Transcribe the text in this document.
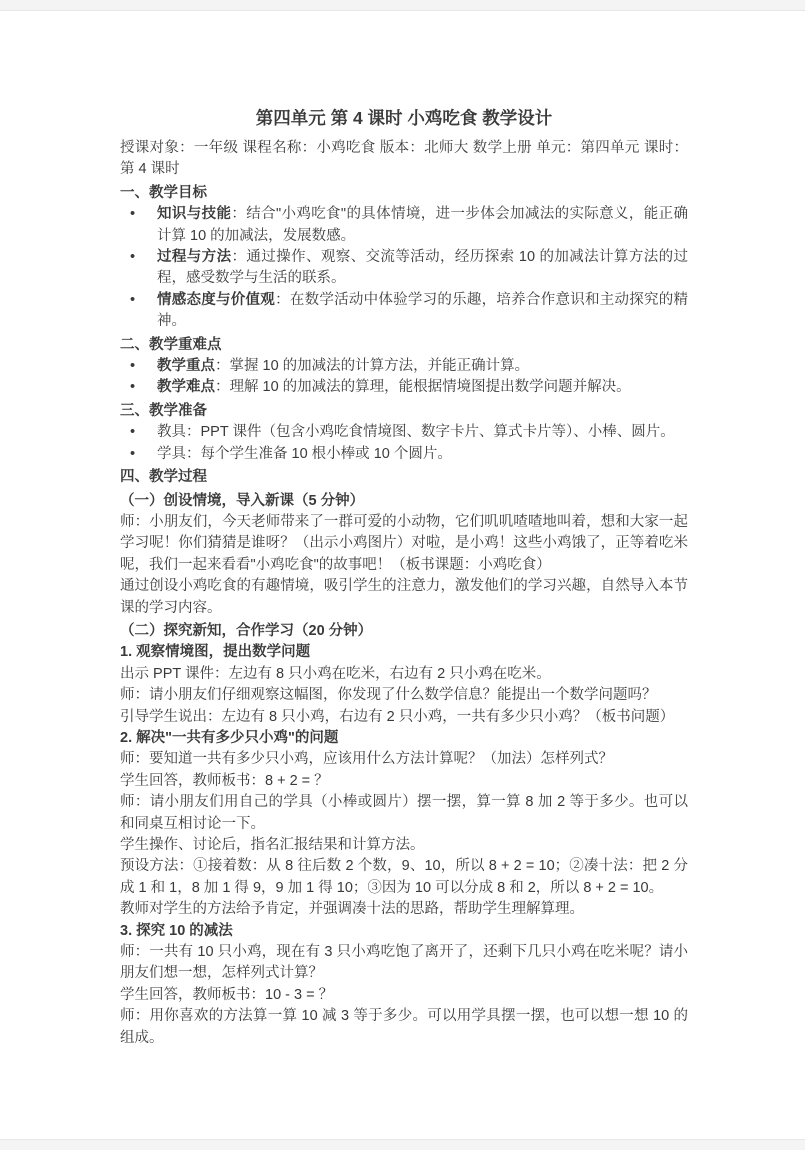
第四单元 第 4 课时 小鸡吃食 教学设计

授课对象：一年级 课程名称：小鸡吃食 版本：北师大 数学上册 单元：第四单元 课时：第 4 课时

一、教学目标
•	知识与技能：结合"小鸡吃食"的具体情境，进一步体会加减法的实际意义，能正确计算 10 的加减法，发展数感。
•	过程与方法：通过操作、观察、交流等活动，经历探索 10 的加减法计算方法的过程，感受数学与生活的联系。
•	情感态度与价值观：在数学活动中体验学习的乐趣，培养合作意识和主动探究的精神。
二、教学重难点
•	教学重点：掌握 10 的加减法的计算方法，并能正确计算。
•	教学难点：理解 10 的加减法的算理，能根据情境图提出数学问题并解决。
三、教学准备
•	教具：PPT 课件（包含小鸡吃食情境图、数字卡片、算式卡片等）、小棒、圆片。
•	学具：每个学生准备 10 根小棒或 10 个圆片。
四、教学过程
（一）创设情境，导入新课（5 分钟）

师：小朋友们，今天老师带来了一群可爱的小动物，它们叽叽喳喳地叫着，想和大家一起学习呢！你们猜猜是谁呀？（出示小鸡图片）对啦，是小鸡！这些小鸡饿了，正等着吃米呢，我们一起来看看"小鸡吃食"的故事吧！（板书课题：小鸡吃食）

通过创设小鸡吃食的有趣情境，吸引学生的注意力，激发他们的学习兴趣，自然导入本节课的学习内容。

（二）探究新知，合作学习（20 分钟）
1. 观察情境图，提出数学问题

出示 PPT 课件：左边有 8 只小鸡在吃米，右边有 2 只小鸡在吃米。

师：请小朋友们仔细观察这幅图，你发现了什么数学信息？能提出一个数学问题吗？

引导学生说出：左边有 8 只小鸡，右边有 2 只小鸡，一共有多少只小鸡？（板书问题）

2. 解决"一共有多少只小鸡"的问题

师：要知道一共有多少只小鸡，应该用什么方法计算呢？（加法）怎样列式？

学生回答，教师板书：8 + 2 = ？

师：请小朋友们用自己的学具（小棒或圆片）摆一摆，算一算 8 加 2 等于多少。也可以和同桌互相讨论一下。

学生操作、讨论后，指名汇报结果和计算方法。

预设方法：①接着数：从 8 往后数 2 个数，9、10，所以 8 + 2 = 10；②凑十法：把 2 分成 1 和 1，8 加 1 得 9，9 加 1 得 10；③因为 10 可以分成 8 和 2，所以 8 + 2 = 10。

教师对学生的方法给予肯定，并强调凑十法的思路，帮助学生理解算理。

3. 探究 10 的减法

师：一共有 10 只小鸡，现在有 3 只小鸡吃饱了离开了，还剩下几只小鸡在吃米呢？请小朋友们想一想，怎样列式计算？

学生回答，教师板书：10 - 3 = ？

师：用你喜欢的方法算一算 10 减 3 等于多少。可以用学具摆一摆，也可以想一想 10 的组成。
